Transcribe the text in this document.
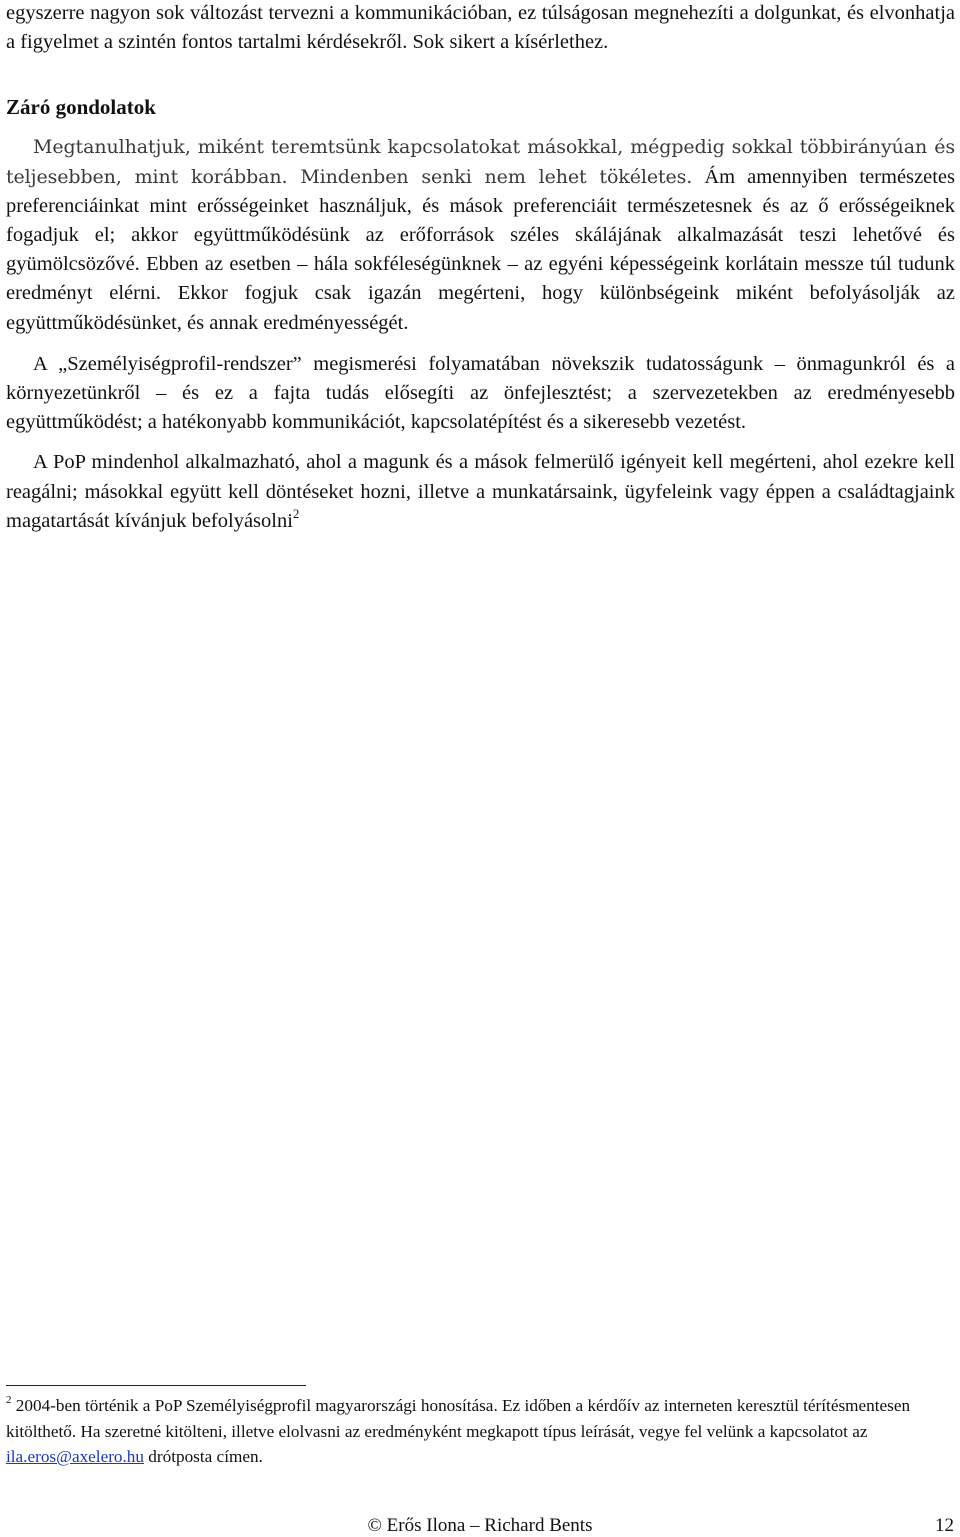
egyszerre nagyon sok változást tervezni a kommunikációban, ez túlságosan megnehezíti a dolgunkat, és elvonhatja a figyelmet a szintén fontos tartalmi kérdésekről. Sok sikert a kísérlethez.

Záró gondolatok

Megtanulhatjuk, miként teremtsünk kapcsolatokat másokkal, mégpedig sokkal többirányúan és teljesebben, mint korábban. Mindenben senki nem lehet tökéletes. Ám amennyiben természetes preferenciáinkat mint erősségeinket használjuk, és mások preferenciáit természetesnek és az ő erősségeiknek fogadjuk el; akkor együttműködésünk az erőforrások széles skálájának alkalmazását teszi lehetővé és gyümölcsözővé. Ebben az esetben – hála sokféleségünknek – az egyéni képességeink korlátain messze túl tudunk eredményt elérni. Ekkor fogjuk csak igazán megérteni, hogy különbségeink miként befolyásolják az együttműködésünket, és annak eredményességét.

A „Személyiségprofil-rendszer” megismerési folyamatában növekszik tudatosságunk – önmagunkról és a környezetünkről – és ez a fajta tudás elősegíti az önfejlesztést; a szervezetekben az eredményesebb együttműködést; a hatékonyabb kommunikációt, kapcsolatépítést és a sikeresebb vezetést.

A PoP mindenhol alkalmazható, ahol a magunk és a mások felmerülő igényeit kell megérteni, ahol ezekre kell reagálni; másokkal együtt kell döntéseket hozni, illetve a munkatársaink, ügyfeleink vagy éppen a családtagjaink magatartását kívánjuk befolyásolni$^2$

$^2$ 2004-ben történik a PoP Személyiségprofil magyarországi honosítása. Ez időben a kérdőív az interneten keresztül térítésmentesen kitölthető. Ha szeretné kitölteni, illetve elolvasni az eredményként megkapott típus leírását, vegye fel velünk a kapcsolatot az ila.eros@axelero.hu drótposta címen.

© Erős Ilona – Richard Bents	12
